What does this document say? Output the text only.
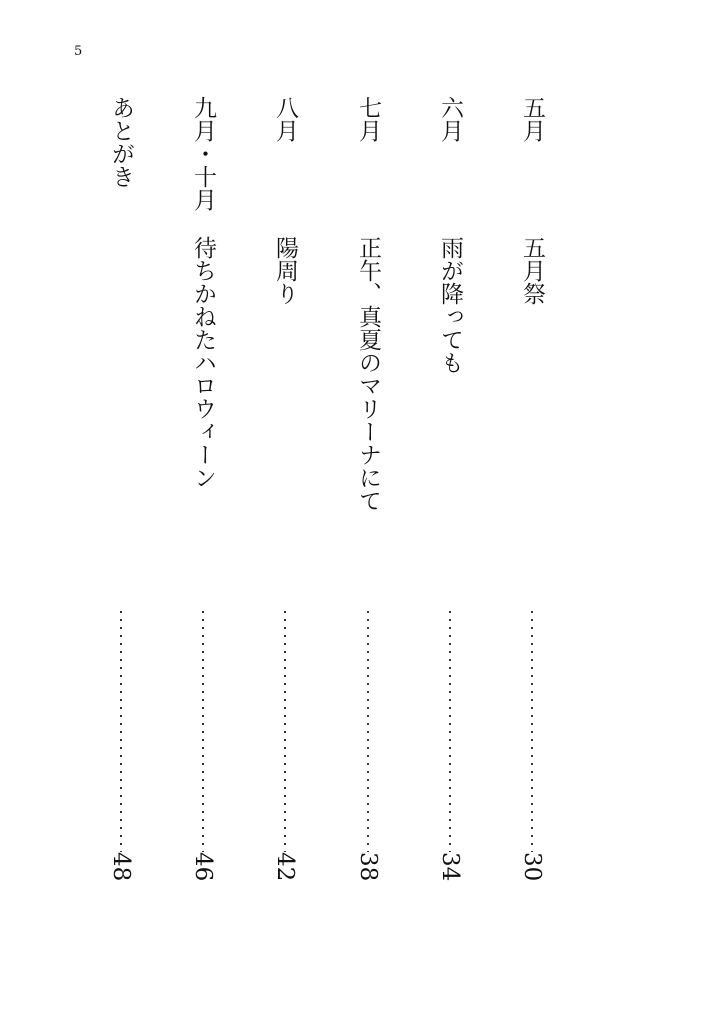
5
五月
五月祭
30
六月
雨が降っても
34
七月
正午、真夏のマリーナにて
38
八月
陽周り
42
九月・十月
待ちかねたハロウィーン
46
あとがき
48
